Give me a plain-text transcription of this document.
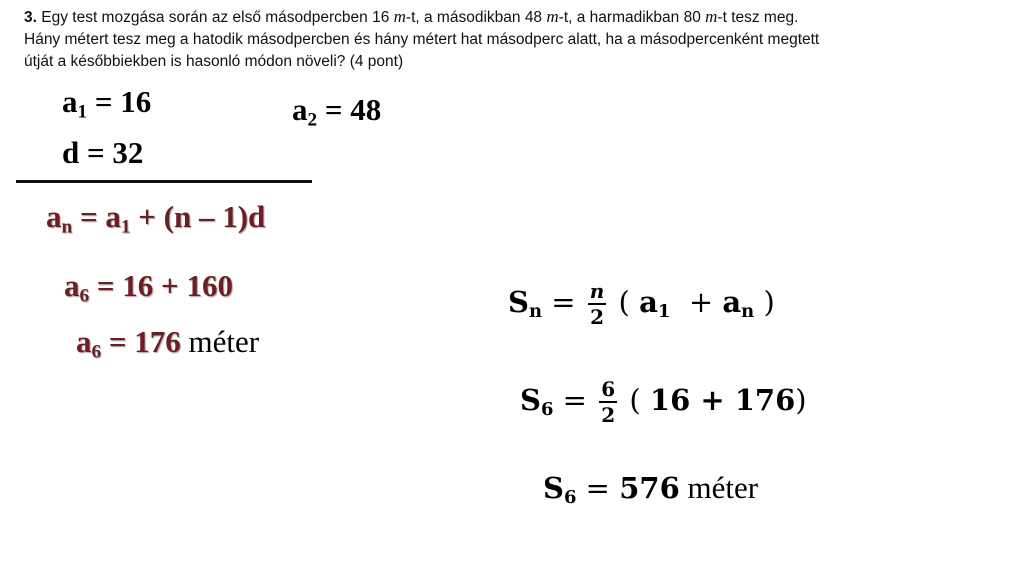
3. Egy test mozgása során az első másodpercben 16 m-t, a másodikban 48 m-t, a harmadikban 80 m-t tesz meg.
Hány métert tesz meg a hatodik másodpercben és hány métert hat másodperc alatt, ha a másodpercenként megtett
útját a későbbiekben is hasonló módon növeli? (4 pont)
$a_1 = 16$	$a_2 = 48$
d = 32
$a_n = a_1 + (n - 1)d$
$a_6 = 16 + 160$
$a_6 = 176$ méter
$S_n = \frac{n}{2}$ ( $a_1 + a_n$ )
$S_6 = \frac{6}{2}$ ( 16 + 176)
$S_6 = 576$ méter
